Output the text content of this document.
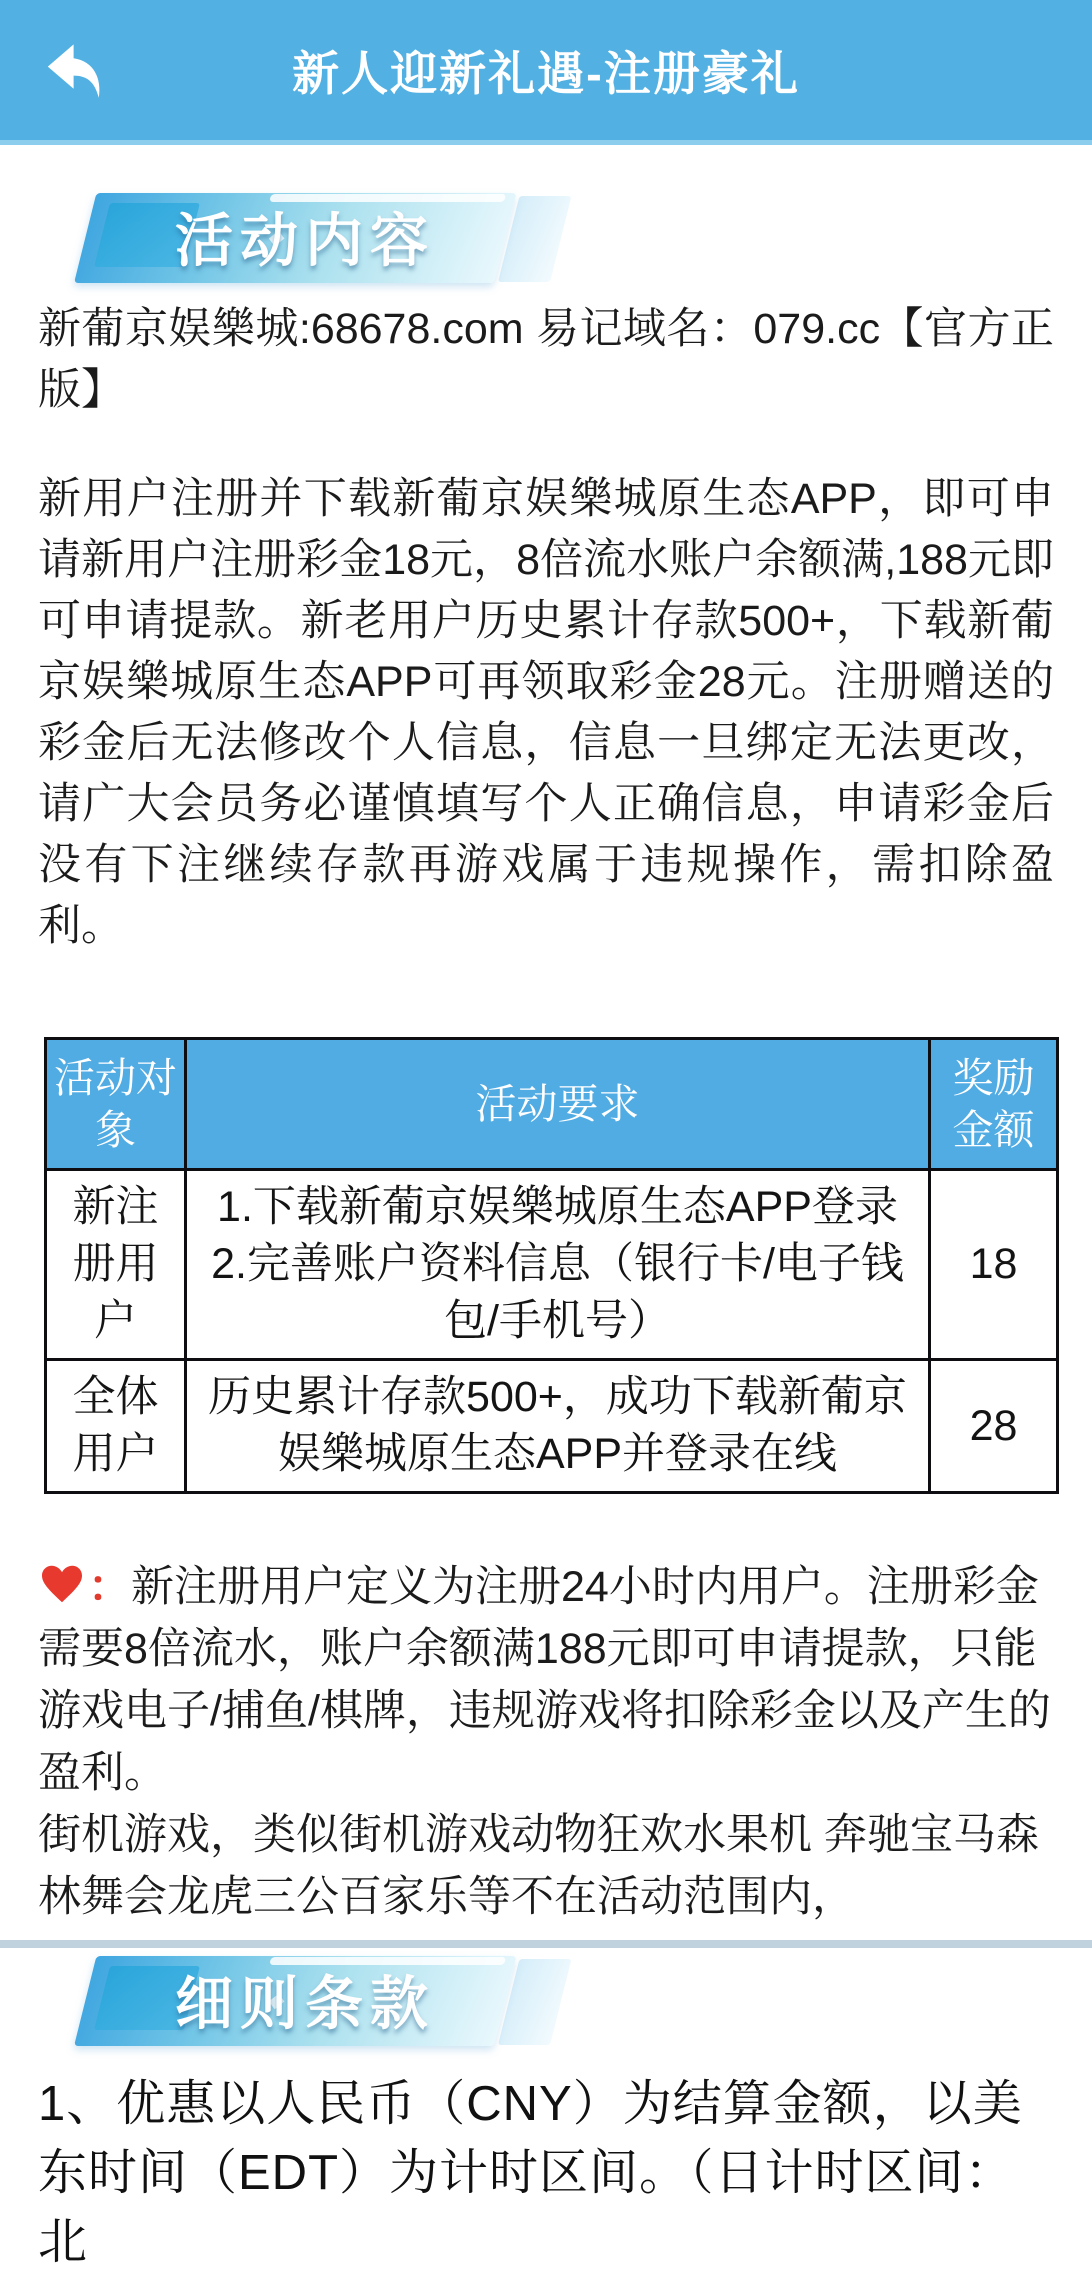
新人迎新礼遇-注册豪礼
活动内容

新葡京娱樂城:68678.com 易记域名：079.cc【官方正版】

新用户注册并下载新葡京娱樂城原生态APP，即可申请新用户注册彩金18元，8倍流水账户余额满,188元即可申请提款。新老用户历史累计存款500+，下载新葡京娱樂城原生态APP可再领取彩金28元。注册赠送的彩金后无法修改个人信息，信息一旦绑定无法更改，请广大会员务必谨慎填写个人正确信息，申请彩金后没有下注继续存款再游戏属于违规操作，需扣除盈利。

活动对象	活动要求	奖励金额
新注册用户	1.下载新葡京娱樂城原生态APP登录 2.完善账户资料信息（银行卡/电子钱包/手机号）	18
全体用户	历史累计存款500+，成功下载新葡京娱樂城原生态APP并登录在线	28

：新注册用户定义为注册24小时内用户。注册彩金需要8倍流水，账户余额满188元即可申请提款，只能游戏电子/捕鱼/棋牌，违规游戏将扣除彩金以及产生的盈利。

街机游戏，类似街机游戏动物狂欢水果机 奔驰宝马森林舞会龙虎三公百家乐等不在活动范围内，

细则条款

1、优惠以人民币（CNY）为结算金额，以美东时间（EDT）为计时区间。（日计时区间：北
